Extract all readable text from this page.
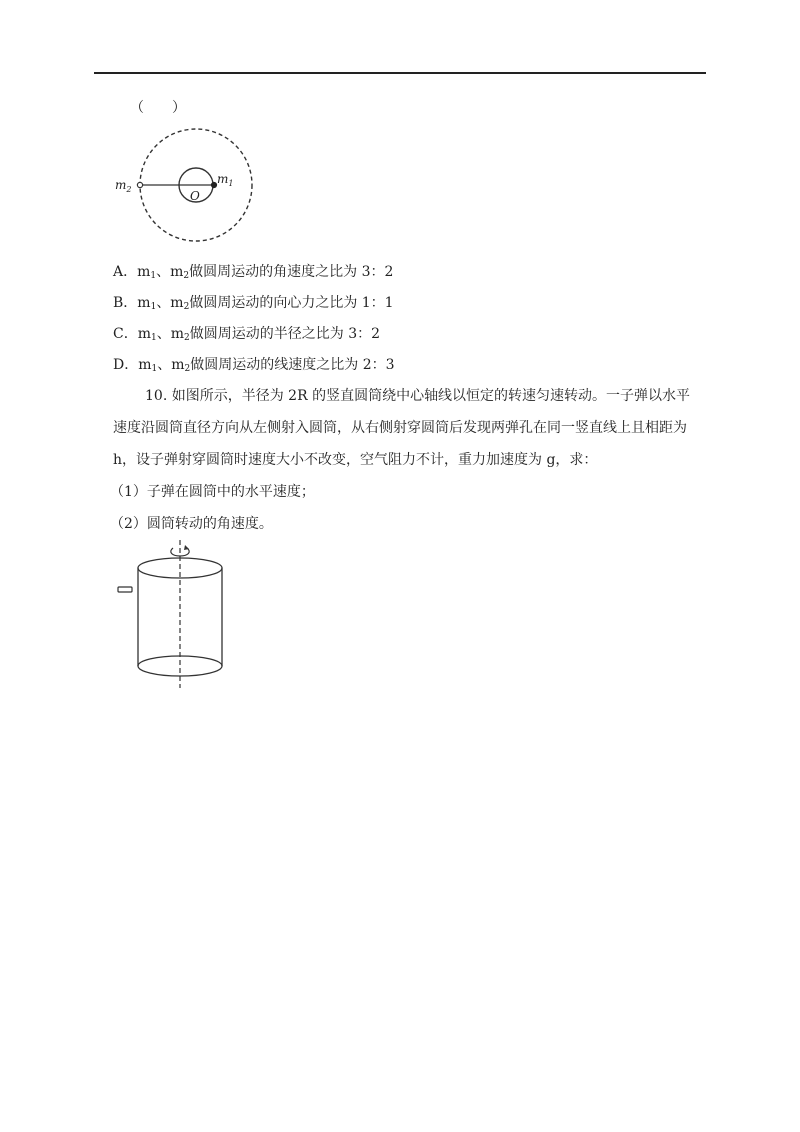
（　　）
$m_2$	O
$m_1$
A．$m_1$、$m_2$做圆周运动的角速度之比为 3：2
B．$m_1$、$m_2$做圆周运动的向心力之比为 1：1
C．$m_1$、$m_2$做圆周运动的半径之比为 3：2
D．$m_1$、$m_2$做圆周运动的线速度之比为 2：3
10. 如图所示，半径为 2R 的竖直圆筒绕中心轴线以恒定的转速匀速转动。一子弹以水平
速度沿圆筒直径方向从左侧射入圆筒，从右侧射穿圆筒后发现两弹孔在同一竖直线上且相距为
h，设子弹射穿圆筒时速度大小不改变，空气阻力不计，重力加速度为 g，求：
（1）子弹在圆筒中的水平速度；
（2）圆筒转动的角速度。
